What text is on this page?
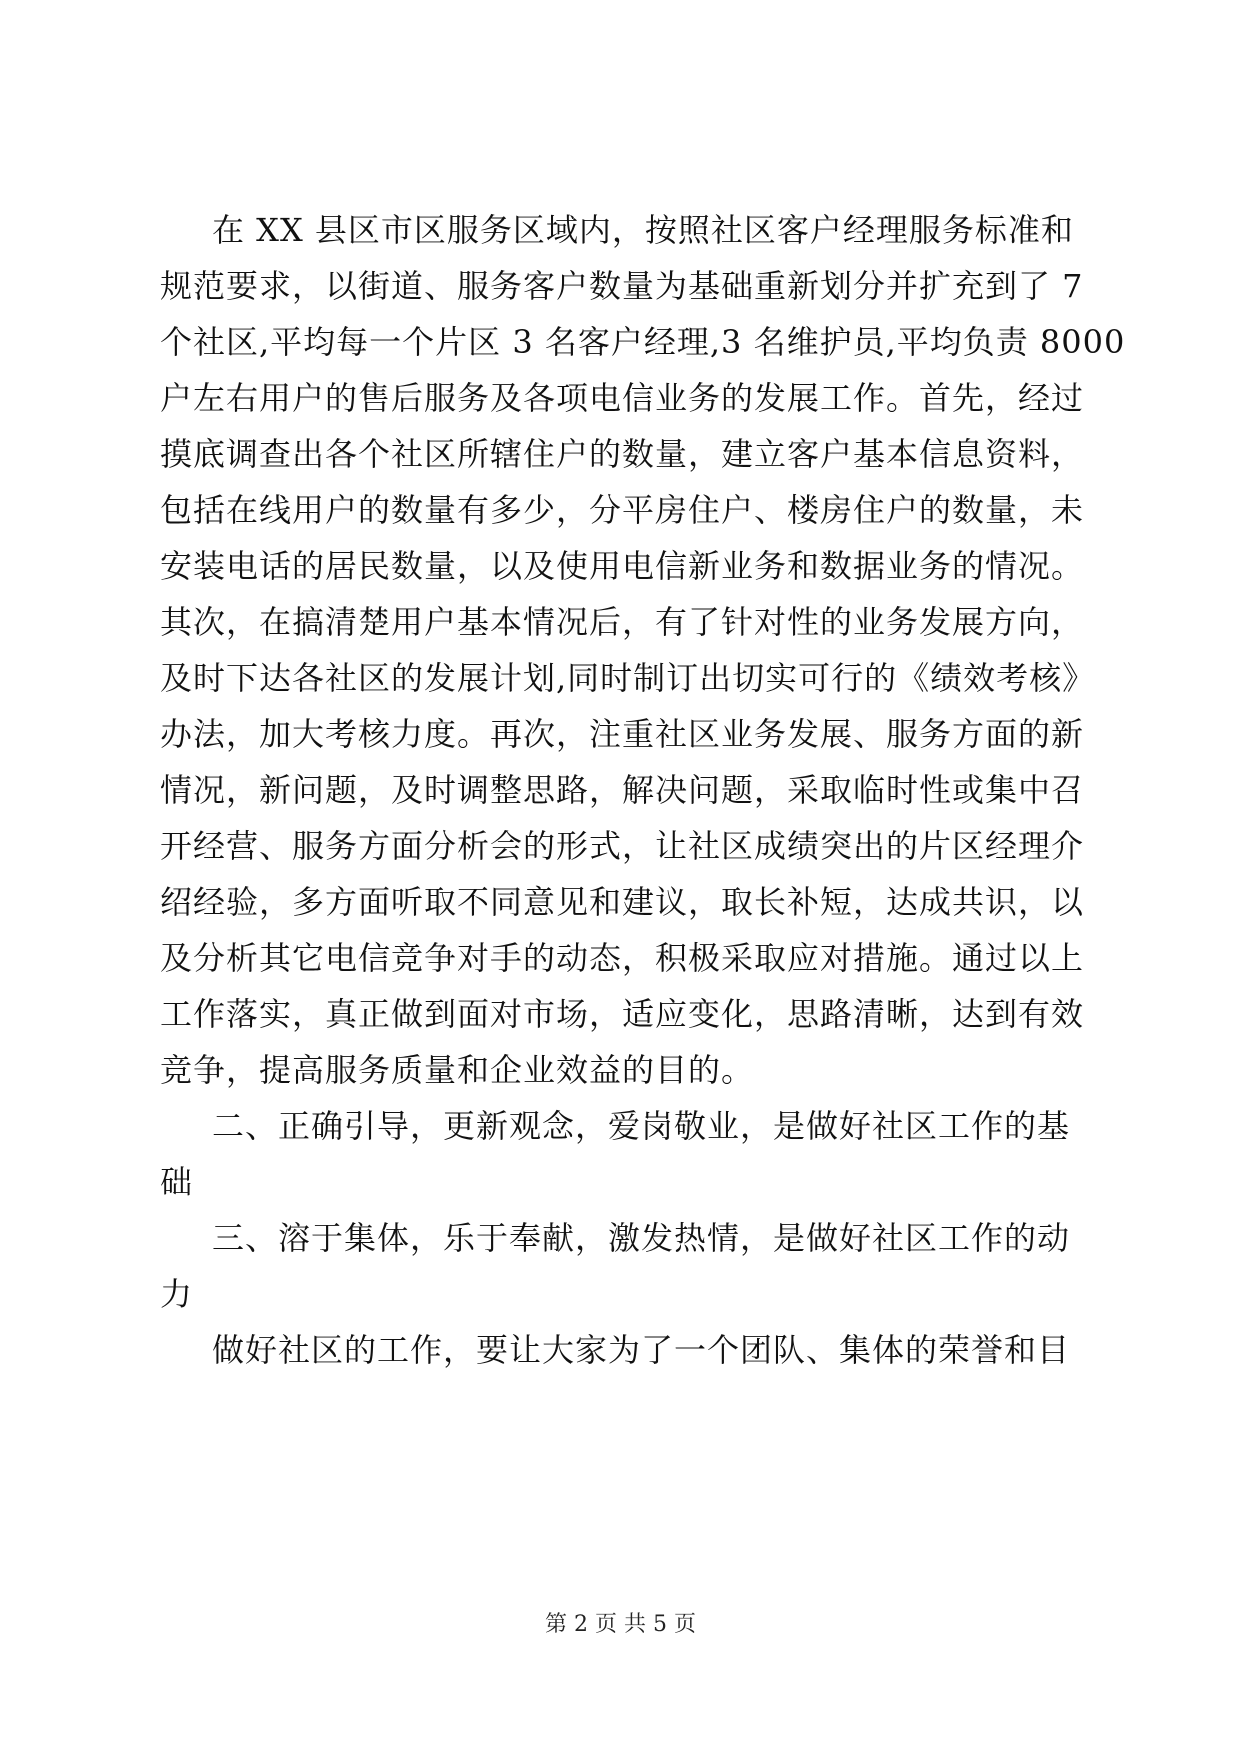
在 XX 县区市区服务区域内，按照社区客户经理服务标准和
规范要求，以街道、服务客户数量为基础重新划分并扩充到了 7
个社区,平均每一个片区 3 名客户经理,3 名维护员,平均负责 8000
户左右用户的售后服务及各项电信业务的发展工作。首先，经过
摸底调查出各个社区所辖住户的数量，建立客户基本信息资料，
包括在线用户的数量有多少，分平房住户、楼房住户的数量，未
安装电话的居民数量，以及使用电信新业务和数据业务的情况。
其次，在搞清楚用户基本情况后，有了针对性的业务发展方向，
及时下达各社区的发展计划,同时制订出切实可行的《绩效考核》
办法，加大考核力度。再次，注重社区业务发展、服务方面的新
情况，新问题，及时调整思路，解决问题，采取临时性或集中召
开经营、服务方面分析会的形式，让社区成绩突出的片区经理介
绍经验，多方面听取不同意见和建议，取长补短，达成共识，以
及分析其它电信竞争对手的动态，积极采取应对措施。通过以上
工作落实，真正做到面对市场，适应变化，思路清晰，达到有效
竞争，提高服务质量和企业效益的目的。
二、正确引导，更新观念，爱岗敬业，是做好社区工作的基
础
三、溶于集体，乐于奉献，激发热情，是做好社区工作的动
力
做好社区的工作，要让大家为了一个团队、集体的荣誉和目
第 2 页 共 5 页
